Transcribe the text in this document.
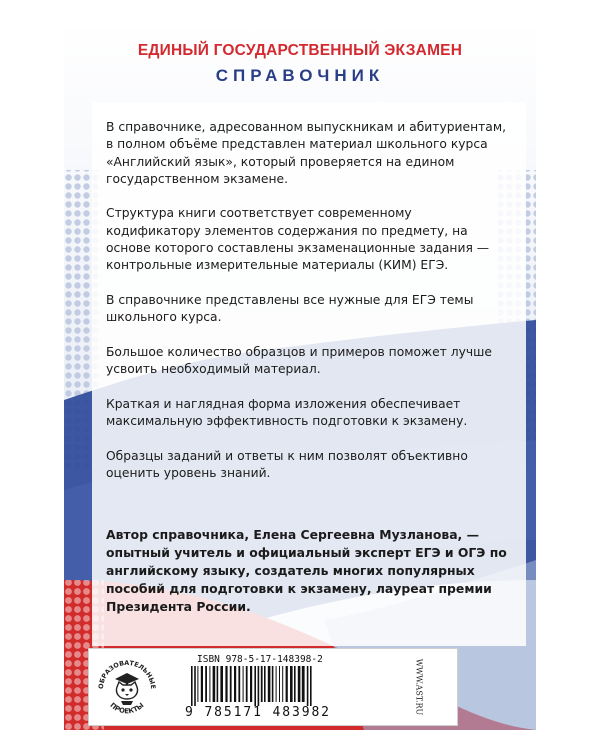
ЕДИНЫЙ ГОСУДАРСТВЕННЫЙ ЭКЗАМЕН
СПРАВОЧНИК

В справочнике, адресованном выпускникам и абитуриентам, в полном объёме представлен материал школьного курса «Английский язык», который проверяется на едином государственном экзамене.

Структура книги соответствует современному кодификатору элементов содержания по предмету, на основе которого составлены экзаменационные задания — контрольные измерительные материалы (КИМ) ЕГЭ.

В справочнике представлены все нужные для ЕГЭ темы школьного курса.

Большое количество образцов и примеров поможет лучше усвоить необходимый материал.

Краткая и наглядная форма изложения обеспечивает максимальную эффективность подготовки к экзамену.

Образцы заданий и ответы к ним позволят объективно оценить уровень знаний.

Автор справочника, Елена Сергеевна Музланова, — опытный учитель и официальный эксперт ЕГЭ и ОГЭ по английскому языку, создатель многих популярных пособий для подготовки к экзамену, лауреат премии Президента России.
ОБРАЗОВАТЕЛЬНЫЕ
ПРОЕКТЫ
ISBN 978-5-17-148398-2
9 785171 483982	WWW.AST.RU
